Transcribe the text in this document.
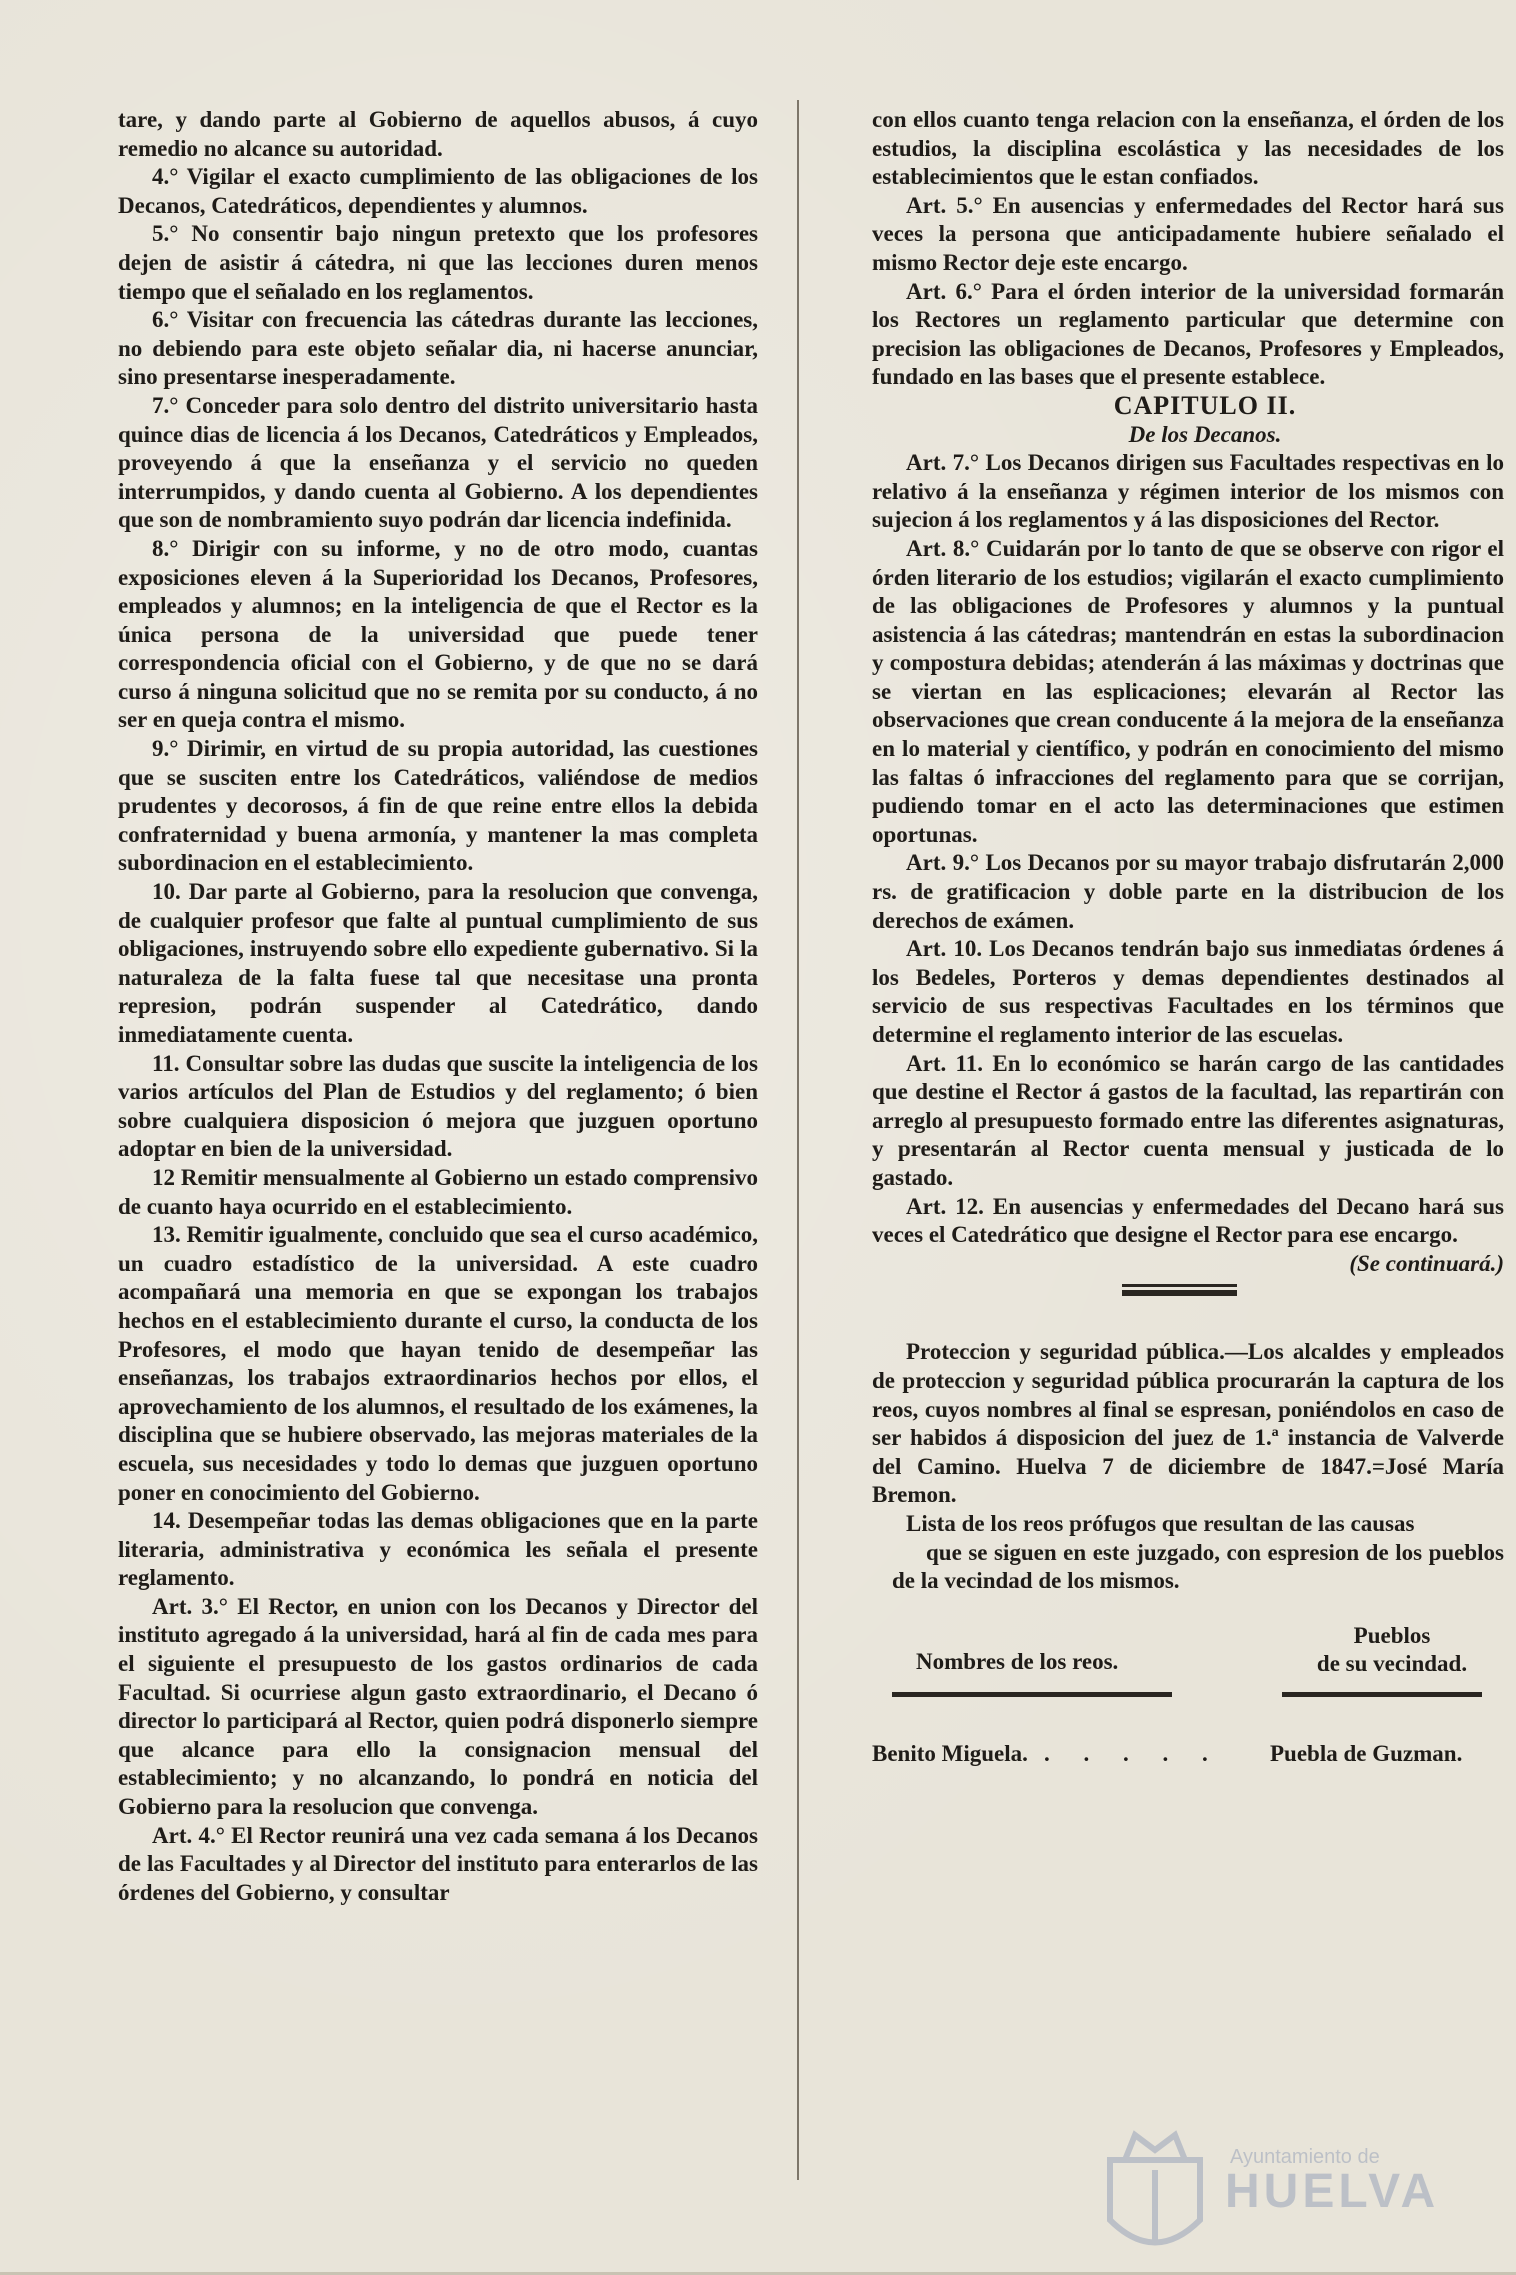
tare, y dando parte al Gobierno de aquellos abusos, á cuyo remedio no alcance su autoridad.

4.° Vigilar el exacto cumplimiento de las obligaciones de los Decanos, Catedráticos, dependientes y alumnos.

5.° No consentir bajo ningun pretexto que los profesores dejen de asistir á cátedra, ni que las lecciones duren menos tiempo que el señalado en los reglamentos.

6.° Visitar con frecuencia las cátedras durante las lecciones, no debiendo para este objeto señalar dia, ni hacerse anunciar, sino presentarse inesperadamente.

7.° Conceder para solo dentro del distrito universitario hasta quince dias de licencia á los Decanos, Catedráticos y Empleados, proveyendo á que la enseñanza y el servicio no queden interrumpidos, y dando cuenta al Gobierno. A los dependientes que son de nombramiento suyo podrán dar licencia indefinida.

8.° Dirigir con su informe, y no de otro modo, cuantas exposiciones eleven á la Superioridad los Decanos, Profesores, empleados y alumnos; en la inteligencia de que el Rector es la única persona de la universidad que puede tener correspondencia oficial con el Gobierno, y de que no se dará curso á ninguna solicitud que no se remita por su conducto, á no ser en queja contra el mismo.

9.° Dirimir, en virtud de su propia autoridad, las cuestiones que se susciten entre los Catedráticos, valiéndose de medios prudentes y decorosos, á fin de que reine entre ellos la debida confraternidad y buena armonía, y mantener la mas completa subordinacion en el establecimiento.

10. Dar parte al Gobierno, para la resolucion que convenga, de cualquier profesor que falte al puntual cumplimiento de sus obligaciones, instruyendo sobre ello expediente gubernativo. Si la naturaleza de la falta fuese tal que necesitase una pronta represion, podrán suspender al Catedrático, dando inmediatamente cuenta.

11. Consultar sobre las dudas que suscite la inteligencia de los varios artículos del Plan de Estudios y del reglamento; ó bien sobre cualquiera disposicion ó mejora que juzguen oportuno adoptar en bien de la universidad.

12 Remitir mensualmente al Gobierno un estado comprensivo de cuanto haya ocurrido en el establecimiento.

13. Remitir igualmente, concluido que sea el curso académico, un cuadro estadístico de la universidad. A este cuadro acompañará una memoria en que se expongan los trabajos hechos en el establecimiento durante el curso, la conducta de los Profesores, el modo que hayan tenido de desempeñar las enseñanzas, los trabajos extraordinarios hechos por ellos, el aprovechamiento de los alumnos, el resultado de los exámenes, la disciplina que se hubiere observado, las mejoras materiales de la escuela, sus necesidades y todo lo demas que juzguen oportuno poner en conocimiento del Gobierno.

14. Desempeñar todas las demas obligaciones que en la parte literaria, administrativa y económica les señala el presente reglamento.

Art. 3.° El Rector, en union con los Decanos y Director del instituto agregado á la universidad, hará al fin de cada mes para el siguiente el presupuesto de los gastos ordinarios de cada Facultad. Si ocurriese algun gasto extraordinario, el Decano ó director lo participará al Rector, quien podrá disponerlo siempre que alcance para ello la consignacion mensual del establecimiento; y no alcanzando, lo pondrá en noticia del Gobierno para la resolucion que convenga.

Art. 4.° El Rector reunirá una vez cada semana á los Decanos de las Facultades y al Director del instituto para enterarlos de las órdenes del Gobierno, y consultar

con ellos cuanto tenga relacion con la enseñanza, el órden de los estudios, la disciplina escolástica y las necesidades de los establecimientos que le estan confiados.

Art. 5.° En ausencias y enfermedades del Rector hará sus veces la persona que anticipadamente hubiere señalado el mismo Rector deje este encargo.

Art. 6.° Para el órden interior de la universidad formarán los Rectores un reglamento particular que determine con precision las obligaciones de Decanos, Profesores y Empleados, fundado en las bases que el presente establece.

CAPITULO II.

De los Decanos.

Art. 7.° Los Decanos dirigen sus Facultades respectivas en lo relativo á la enseñanza y régimen interior de los mismos con sujecion á los reglamentos y á las disposiciones del Rector.

Art. 8.° Cuidarán por lo tanto de que se observe con rigor el órden literario de los estudios; vigilarán el exacto cumplimiento de las obligaciones de Profesores y alumnos y la puntual asistencia á las cátedras; mantendrán en estas la subordinacion y compostura debidas; atenderán á las máximas y doctrinas que se viertan en las esplicaciones; elevarán al Rector las observaciones que crean conducente á la mejora de la enseñanza en lo material y científico, y podrán en conocimiento del mismo las faltas ó infracciones del reglamento para que se corrijan, pudiendo tomar en el acto las determinaciones que estimen oportunas.

Art. 9.° Los Decanos por su mayor trabajo disfrutarán 2,000 rs. de gratificacion y doble parte en la distribucion de los derechos de exámen.

Art. 10. Los Decanos tendrán bajo sus inmediatas órdenes á los Bedeles, Porteros y demas dependientes destinados al servicio de sus respectivas Facultades en los términos que determine el reglamento interior de las escuelas.

Art. 11. En lo económico se harán cargo de las cantidades que destine el Rector á gastos de la facultad, las repartirán con arreglo al presupuesto formado entre las diferentes asignaturas, y presentarán al Rector cuenta mensual y justicada de lo gastado.

Art. 12. En ausencias y enfermedades del Decano hará sus veces el Catedrático que designe el Rector para ese encargo.

(Se continuará.)

Proteccion y seguridad pública.—Los alcaldes y empleados de proteccion y seguridad pública procurarán la captura de los reos, cuyos nombres al final se espresan, poniéndolos en caso de ser habidos á disposicion del juez de 1.ª instancia de Valverde del Camino. Huelva 7 de diciembre de 1847.=José María Bremon.

Lista de los reos prófugos que resultan de las causas
que se siguen en este juzgado, con espresion de los pueblos de la vecindad de los mismos.

Nombres de los reos.
Pueblos
de su vecindad.
Benito Miguela. . . . . . Puebla de Guzman.
Ayuntamiento de
HUELVA
